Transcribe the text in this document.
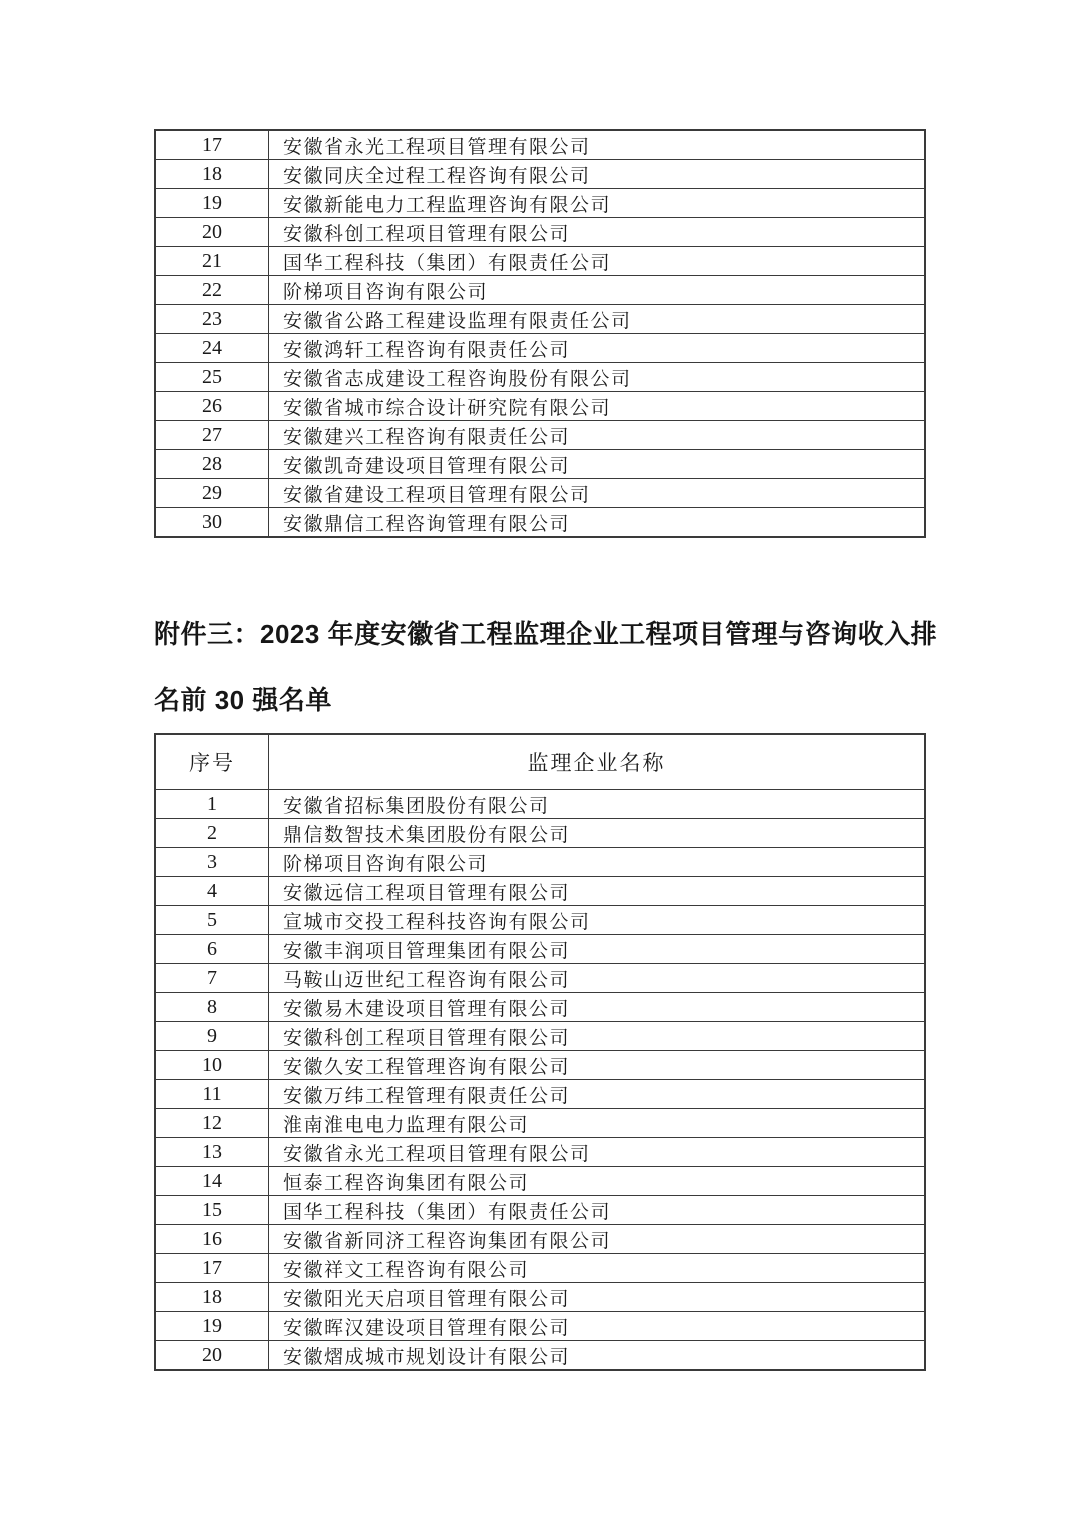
17	安徽省永光工程项目管理有限公司
18	安徽同庆全过程工程咨询有限公司
19	安徽新能电力工程监理咨询有限公司
20	安徽科创工程项目管理有限公司
21	国华工程科技（集团）有限责任公司
22	阶梯项目咨询有限公司
23	安徽省公路工程建设监理有限责任公司
24	安徽鸿轩工程咨询有限责任公司
25	安徽省志成建设工程咨询股份有限公司
26	安徽省城市综合设计研究院有限公司
27	安徽建兴工程咨询有限责任公司
28	安徽凯奇建设项目管理有限公司
29	安徽省建设工程项目管理有限公司
30	安徽鼎信工程咨询管理有限公司
附件三：2023 年度安徽省工程监理企业工程项目管理与咨询收入排
名前 30 强名单
序号	监理企业名称
1	安徽省招标集团股份有限公司
2	鼎信数智技术集团股份有限公司
3	阶梯项目咨询有限公司
4	安徽远信工程项目管理有限公司
5	宣城市交投工程科技咨询有限公司
6	安徽丰润项目管理集团有限公司
7	马鞍山迈世纪工程咨询有限公司
8	安徽易木建设项目管理有限公司
9	安徽科创工程项目管理有限公司
10	安徽久安工程管理咨询有限公司
11	安徽万纬工程管理有限责任公司
12	淮南淮电电力监理有限公司
13	安徽省永光工程项目管理有限公司
14	恒泰工程咨询集团有限公司
15	国华工程科技（集团）有限责任公司
16	安徽省新同济工程咨询集团有限公司
17	安徽祥文工程咨询有限公司
18	安徽阳光天启项目管理有限公司
19	安徽晖汉建设项目管理有限公司
20	安徽熠成城市规划设计有限公司
